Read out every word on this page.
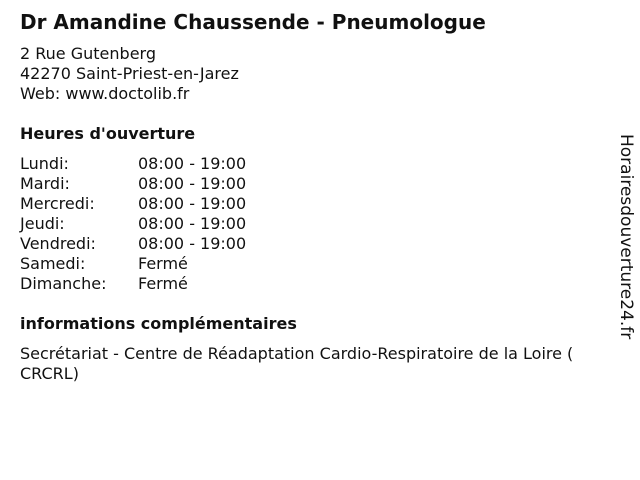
Dr Amandine Chaussende - Pneumologue
2 Rue Gutenberg
42270 Saint-Priest-en-Jarez
Web: www.doctolib.fr
Heures d'ouverture
Lundi:	08:00 - 19:00
Mardi:	08:00 - 19:00
Mercredi:	08:00 - 19:00
Jeudi:	08:00 - 19:00
Vendredi:	08:00 - 19:00
Samedi:	Fermé
Dimanche: Fermé
informations complémentaires
Secrétariat - Centre de Réadaptation Cardio-Respiratoire de la Loire ( CRCRL)
Horairesdouverture24.fr
